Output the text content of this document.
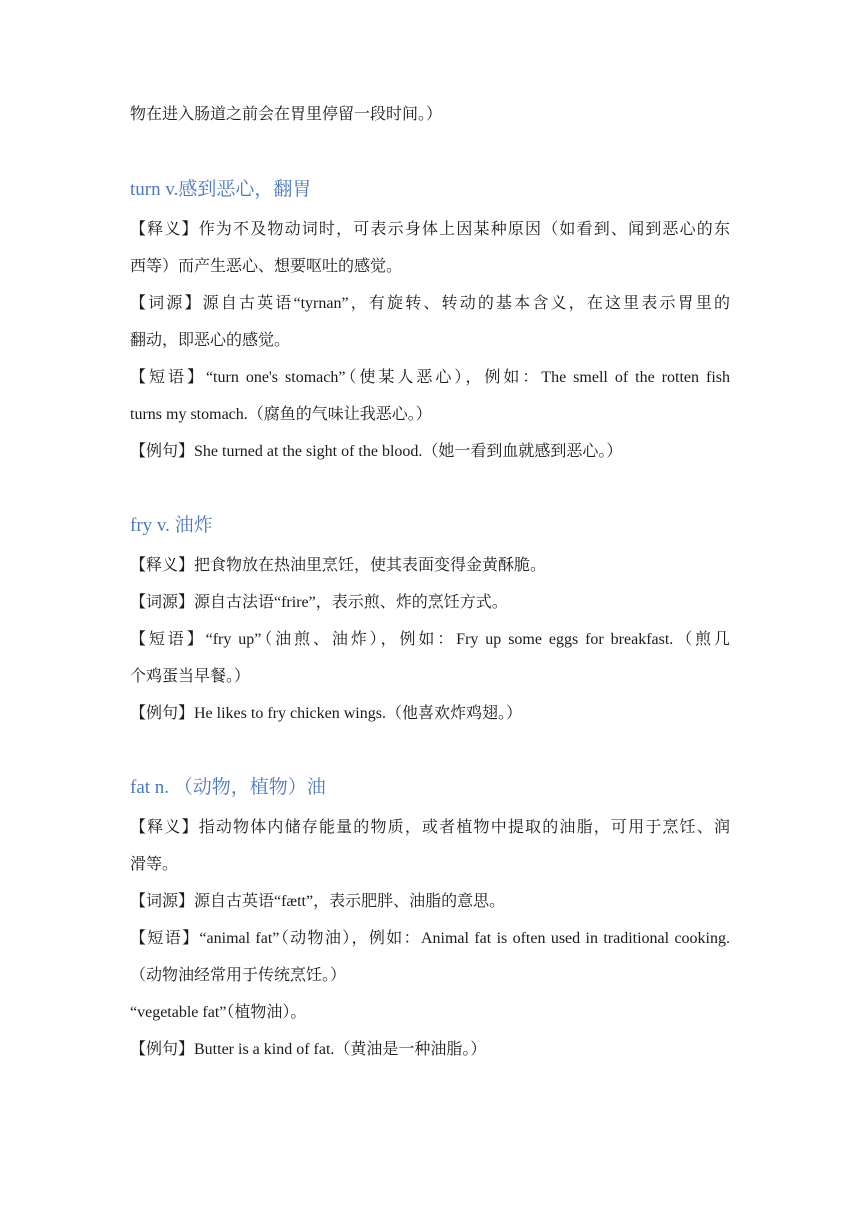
物在进入肠道之前会在胃里停留一段时间。）
turn v.感到恶心，翻胃
【释义】作为不及物动词时，可表示身体上因某种原因（如看到、闻到恶心的东
西等）而产生恶心、想要呕吐的感觉。
【词源】源自古英语“tyrnan”，有旋转、转动的基本含义，在这里表示胃里的
翻动，即恶心的感觉。
【短语】“turn one's stomach”（使某人恶心），例如：The smell of the rotten fish
turns my stomach.（腐鱼的气味让我恶心。）
【例句】She turned at the sight of the blood.（她一看到血就感到恶心。）
fry v. 油炸
【释义】把食物放在热油里烹饪，使其表面变得金黄酥脆。
【词源】源自古法语“frire”，表示煎、炸的烹饪方式。
【短语】“fry up”（油煎、油炸），例如：Fry up some eggs for breakfast.（煎几
个鸡蛋当早餐。）
【例句】He likes to fry chicken wings.（他喜欢炸鸡翅。）
fat n. （动物，植物）油
【释义】指动物体内储存能量的物质，或者植物中提取的油脂，可用于烹饪、润
滑等。
【词源】源自古英语“fætt”，表示肥胖、油脂的意思。
【短语】“animal fat”（动物油），例如：Animal fat is often used in traditional cooking.
（动物油经常用于传统烹饪。）
“vegetable fat”（植物油）。
【例句】Butter is a kind of fat.（黄油是一种油脂。）
